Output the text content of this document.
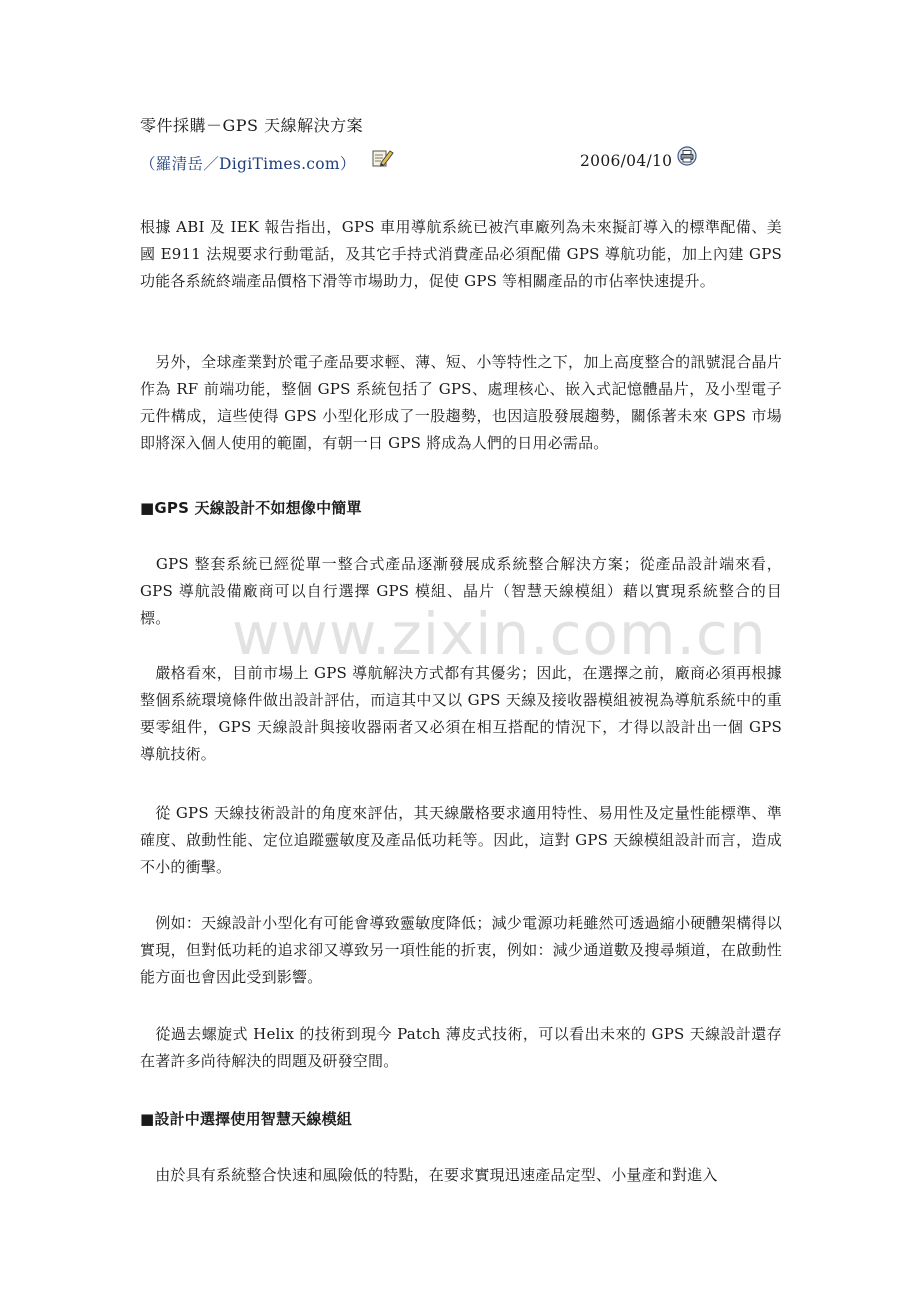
零件採購－GPS 天線解決方案
（羅清岳／DigiTimes.com）	2006/04/10
根據 ABI 及 IEK 報告指出，GPS 車用導航系統已被汽車廠列為未來擬訂導入的標準配備、美國 E911 法規要求行動電話，及其它手持式消費產品必須配備 GPS 導航功能，加上內建 GPS 功能各系統終端產品價格下滑等市場助力，促使 GPS 等相關產品的市佔率快速提升。
　另外，全球產業對於電子產品要求輕、薄、短、小等特性之下，加上高度整合的訊號混合晶片作為 RF 前端功能，整個 GPS 系統包括了 GPS、處理核心、嵌入式記憶體晶片，及小型電子元件構成，這些使得 GPS 小型化形成了一股趨勢，也因這股發展趨勢，關係著未來 GPS 市場即將深入個人使用的範圍，有朝一日 GPS 將成為人們的日用必需品。
■GPS 天線設計不如想像中簡單
　GPS 整套系統已經從單一整合式產品逐漸發展成系統整合解決方案；從產品設計端來看，GPS 導航設備廠商可以自行選擇 GPS 模組、晶片（智慧天線模組）藉以實現系統整合的目標。
　嚴格看來，目前市場上 GPS 導航解決方式都有其優劣；因此，在選擇之前，廠商必須再根據整個系統環境條件做出設計評估，而這其中又以 GPS 天線及接收器模組被視為導航系統中的重要零組件，GPS 天線設計與接收器兩者又必須在相互搭配的情況下，才得以設計出一個 GPS 導航技術。
　從 GPS 天線技術設計的角度來評估，其天線嚴格要求適用特性、易用性及定量性能標準、準確度、啟動性能、定位追蹤靈敏度及產品低功耗等。因此，這對 GPS 天線模組設計而言，造成不小的衝擊。
　例如：天線設計小型化有可能會導致靈敏度降低；減少電源功耗雖然可透過縮小硬體架構得以實現，但對低功耗的追求卻又導致另一項性能的折衷，例如：減少通道數及搜尋頻道，在啟動性能方面也會因此受到影響。
　從過去螺旋式 Helix 的技術到現今 Patch 薄皮式技術，可以看出未來的 GPS 天線設計還存在著許多尚待解決的問題及研發空間。
■設計中選擇使用智慧天線模組
　由於具有系統整合快速和風險低的特點，在要求實現迅速產品定型、小量產和對進入
www.zixin.com.cn
